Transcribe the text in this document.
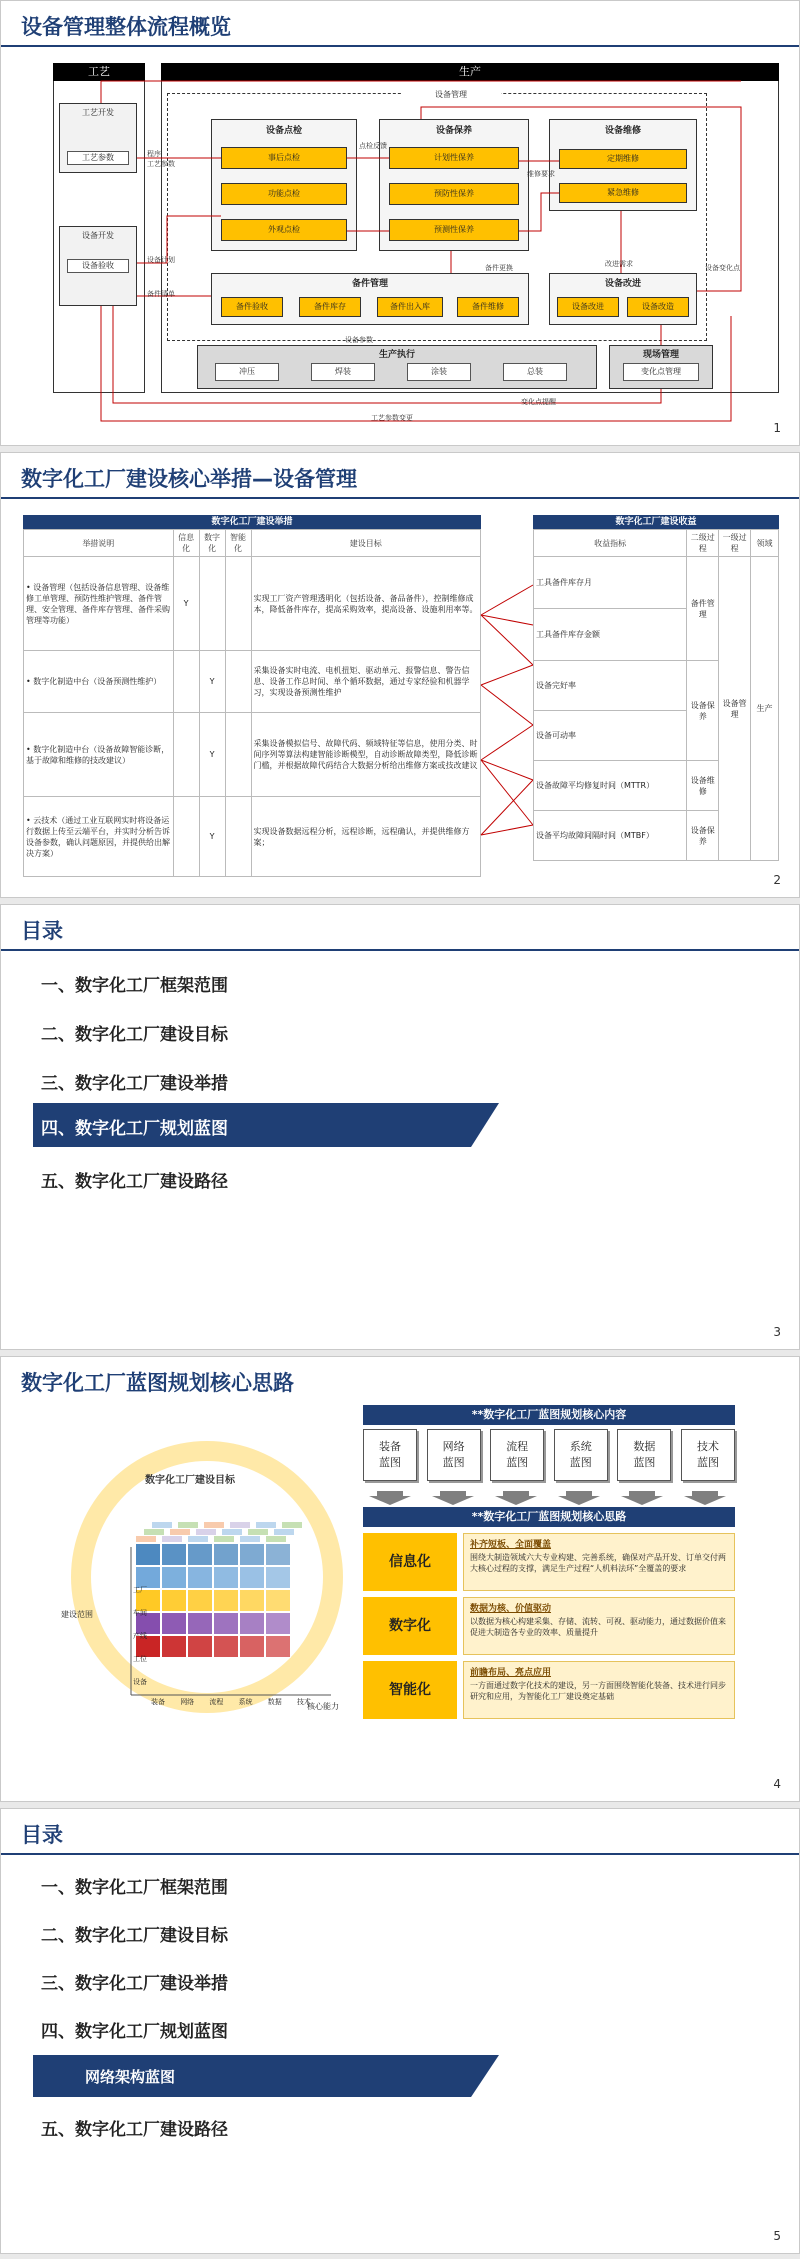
设备管理整体流程概览
工艺
工艺开发
工艺参数
设备开发
设备验收
生产
设备管理
设备点检
事后点检
功能点检
外观点检
设备保养
计划性保养
预防性保养
预测性保养
设备维修
定期维修
紧急维修
备件管理
备件验收	备件库存	备件出入库	备件维修
设备改进
设备改进	设备改造
生产执行
冲压	焊装	涂装	总装
现场管理
变化点管理
程序
工艺参数
点检反馈
维修要求
设备计划
备件清单
备件更换	改进需求	设备变化点
设备参数
工艺参数变更
变化点提醒
1
数字化工厂建设核心举措—设备管理
数字化工厂建设举措
举措说明	信息化	数字化	智能化	建设目标
• 设备管理（包括设备信息管理、设备维修工单管理、预防性维护管理、备件管理、安全管理、备件库存管理、备件采购管理等功能）	Y			实现工厂资产管理透明化（包括设备、备品备件），控制维修成本，降低备件库存，提高采购效率，提高设备、设施利用率等。
• 数字化制造中台（设备预测性维护）		Y		采集设备实时电流、电机扭矩、驱动单元、报警信息、警告信息、设备工作总时间、单个循环数据，通过专家经验和机器学习，实现设备预测性维护
• 数字化制造中台（设备故障智能诊断，基于故障和维修的技改建议）		Y		采集设备模拟信号、故障代码、频域特征等信息，使用分类、时间序列等算法构建智能诊断模型，自动诊断故障类型，降低诊断门槛，并根据故障代码结合大数据分析给出维修方案或技改建议
• 云技术（通过工业互联网实时将设备运行数据上传至云端平台，并实时分析告诉设备参数，确认问题原因，并提供给出解决方案）		Y		实现设备数据远程分析，远程诊断，远程确认，并提供维修方案；
数字化工厂建设收益
收益指标	二级过程	一级过程	领域
工具备件库存月	备件管理	设备管理	生产
工具备件库存金额			
设备完好率	设备保养		
设备可动率			
设备故障平均修复时间（MTTR）	设备维修		
设备平均故障间隔时间（MTBF）	设备保养		
2
目录
一、数字化工厂框架范围
二、数字化工厂建设目标
三、数字化工厂建设举措
四、数字化工厂规划蓝图
五、数字化工厂建设路径
3
数字化工厂蓝图规划核心思路
数字化工厂建设目标
建设范围
核心能力
装备 网络 流程 系统 数据 技术
工厂
车间
产线
工位
设备
**数字化工厂蓝图规划核心内容
装备
蓝图
网络
蓝图
流程
蓝图
系统
蓝图
数据
蓝图
技术
蓝图
**数字化工厂蓝图规划核心思路
信息化
补齐短板、全面覆盖
围绕大制造领域六大专业构建、完善系统，确保对产品开发、订单交付两大核心过程的支撑，满足生产过程“人机料法环”全覆盖的要求
数字化
数据为核、价值驱动
以数据为核心构建采集、存储、流转、可视、驱动能力，通过数据价值来促进大制造各专业的效率、质量提升
智能化
前瞻布局、亮点应用
一方面通过数字化技术的建设，另一方面围绕智能化装备、技术进行同步研究和应用，为智能化工厂建设奠定基础
4
目录
一、数字化工厂框架范围
二、数字化工厂建设目标
三、数字化工厂建设举措
四、数字化工厂规划蓝图
网络架构蓝图
五、数字化工厂建设路径
5
